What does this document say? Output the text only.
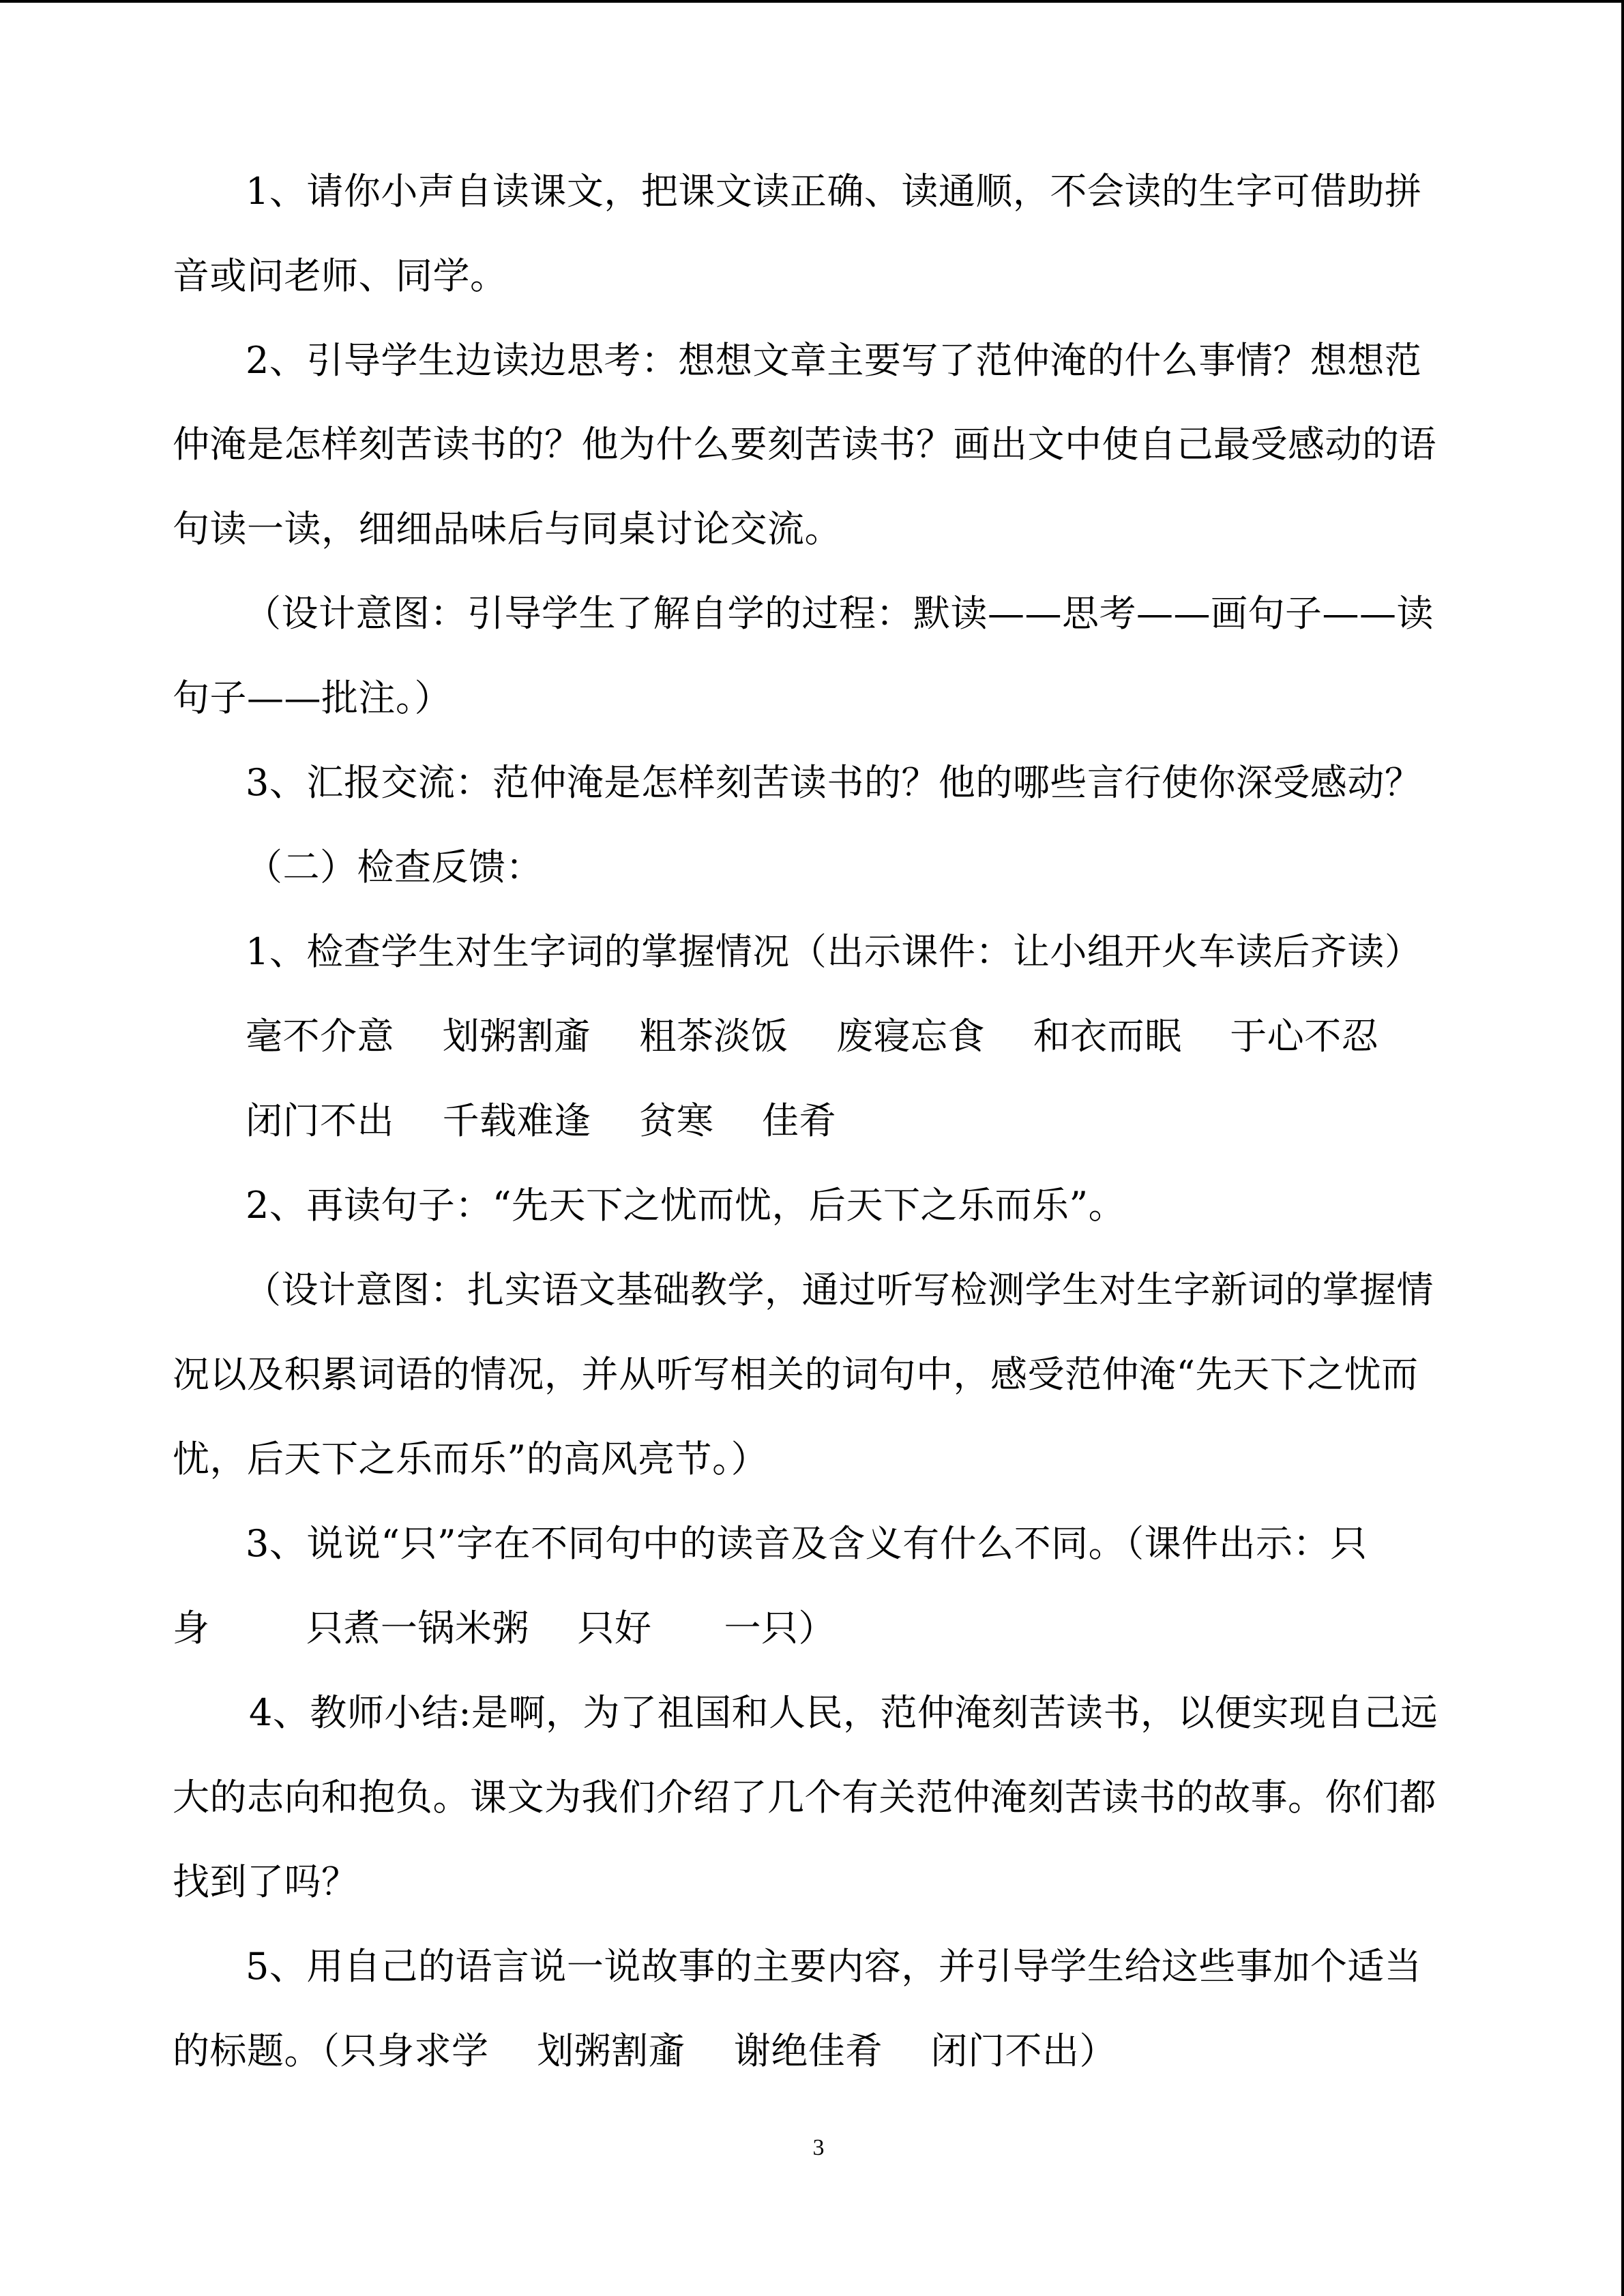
1、请你小声自读课文，把课文读正确、读通顺，不会读的生字可借助拼
音或问老师、同学。
2、引导学生边读边思考：想想文章主要写了范仲淹的什么事情？想想范
仲淹是怎样刻苦读书的？他为什么要刻苦读书？画出文中使自己最受感动的语
句读一读，细细品味后与同桌讨论交流。
（设计意图：引导学生了解自学的过程：默读——思考——画句子——读
句子——批注。）
3、汇报交流：范仲淹是怎样刻苦读书的？他的哪些言行使你深受感动？
（二）检查反馈：
1、检查学生对生字词的掌握情况（出示课件：让小组开火车读后齐读）
毫不介意    划粥割齑    粗茶淡饭    废寝忘食    和衣而眠    于心不忍
闭门不出    千载难逢    贫寒    佳肴
2、再读句子：“先天下之忧而忧，后天下之乐而乐”。
（设计意图：扎实语文基础教学，通过听写检测学生对生字新词的掌握情
况以及积累词语的情况，并从听写相关的词句中，感受范仲淹“先天下之忧而
忧，后天下之乐而乐”的高风亮节。）
3、说说“只”字在不同句中的读音及含义有什么不同。（课件出示：只
身        只煮一锅米粥    只好      一只）
4、教师小结:是啊，为了祖国和人民，范仲淹刻苦读书，以便实现自己远
大的志向和抱负。课文为我们介绍了几个有关范仲淹刻苦读书的故事。你们都
找到了吗？
5、用自己的语言说一说故事的主要内容，并引导学生给这些事加个适当
的标题。（只身求学    划粥割齑    谢绝佳肴    闭门不出）
3
